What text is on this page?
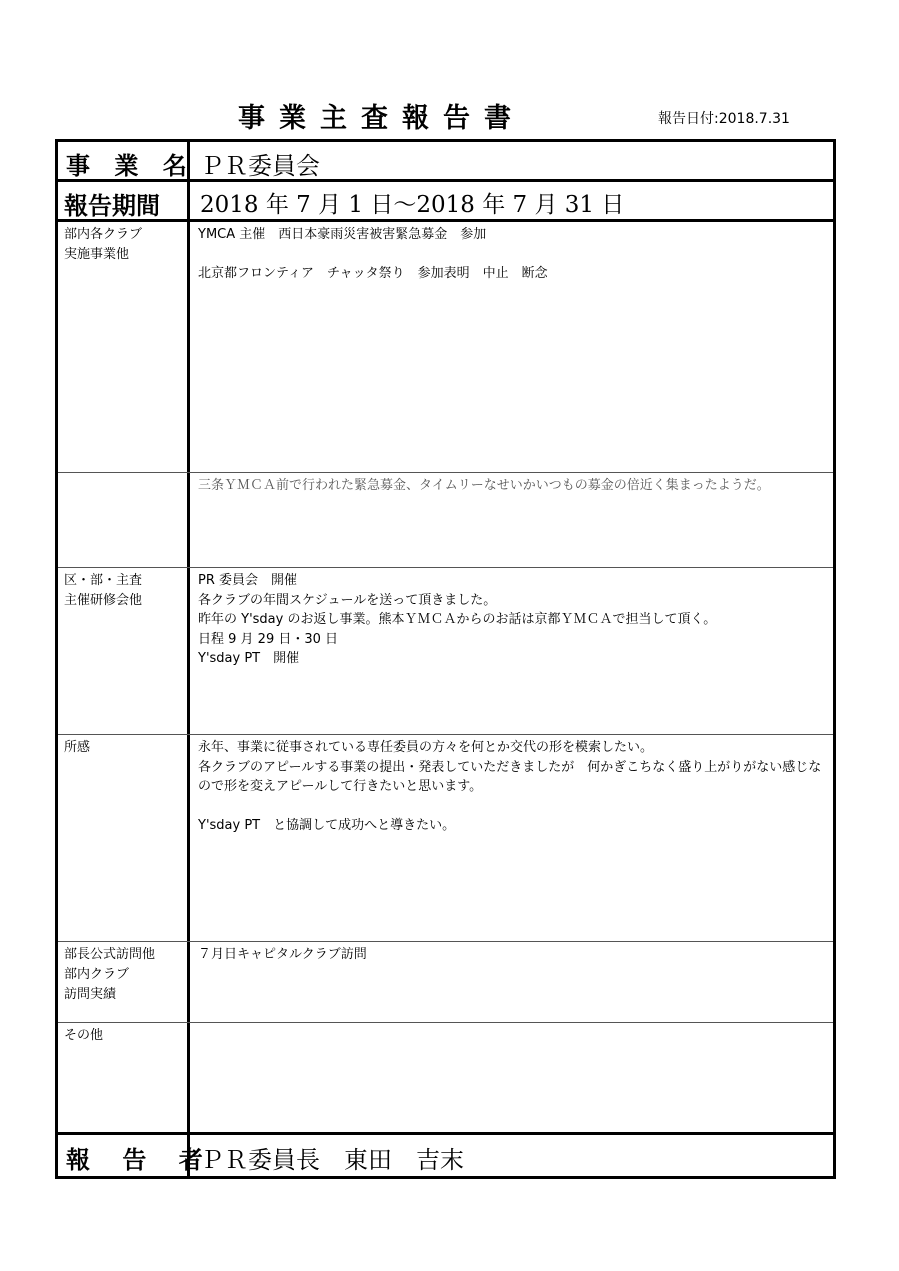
事業主査報告書	報告日付:2018.7.31
事 業 名 ＰＲ委員会
報告期間 2018 年 7 月 1 日～2018 年 7 月 31 日
部内各クラブ
実施事業他
YMCA 主催　西日本豪雨災害被害緊急募金　参加

北京都フロンティア　チャッタ祭り　参加表明　中止　断念
三条ＹＭＣＡ前で行われた緊急募金、タイムリーなせいかいつもの募金の倍近く集まったようだ。
区・部・主査
主催研修会他
PR 委員会　開催
各クラブの年間スケジュールを送って頂きました。
昨年の Y'sday のお返し事業。熊本ＹＭＣＡからのお話は京都ＹＭＣＡで担当して頂く。
日程 9 月 29 日・30 日
Y'sday PT　開催
所感	永年、事業に従事されている専任委員の方々を何とか交代の形を模索したい。
各クラブのアピールする事業の提出・発表していただきましたが　何かぎこちなく盛り上がりがない感じなので形を変えアピールして行きたいと思います。

Y'sday PT　と協調して成功へと導きたい。
部長公式訪問他
部内クラブ
訪問実績
７月日キャピタルクラブ訪問
その他
報 告 者
ＰＲ委員長　東田　吉末
